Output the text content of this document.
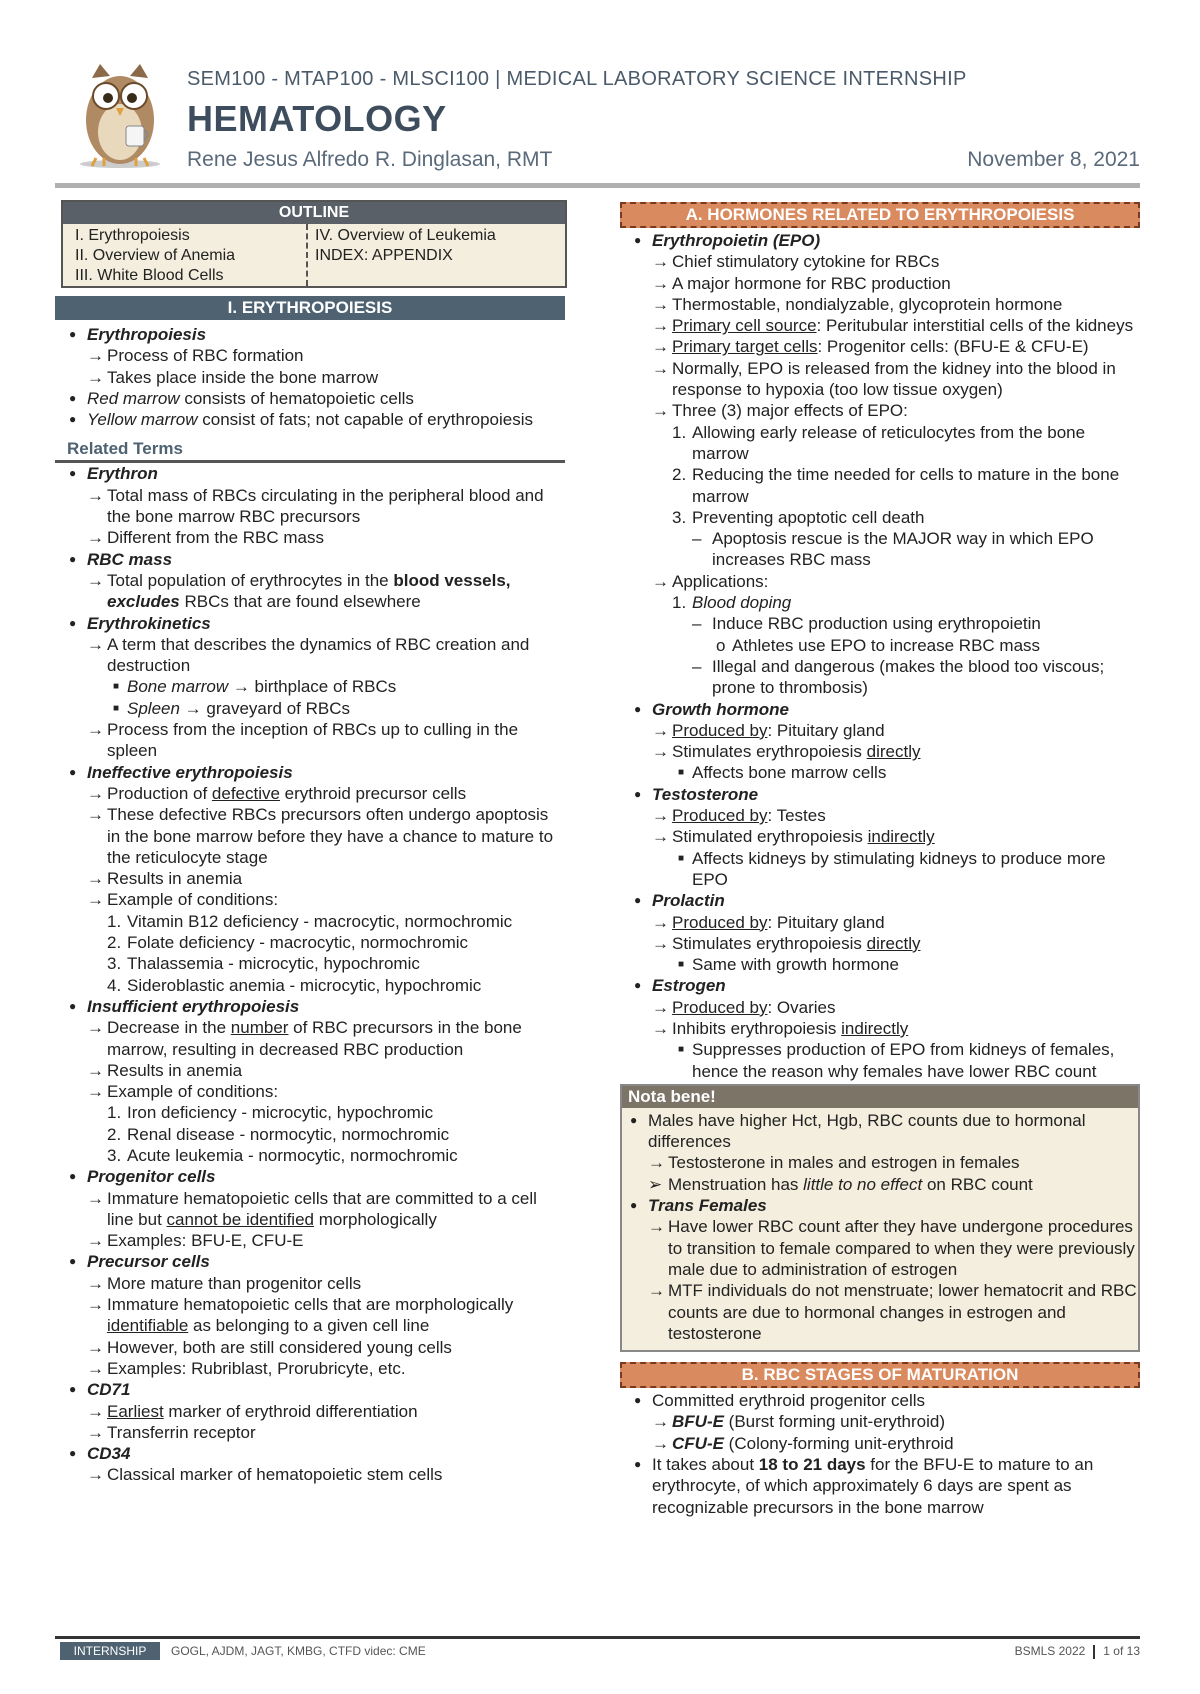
SEM100 - MTAP100 - MLSCI100 | MEDICAL LABORATORY SCIENCE INTERNSHIP
HEMATOLOGY
Rene Jesus Alfredo R. Dinglasan, RMT	November 8, 2021
OUTLINE
I. Erythropoiesis
II. Overview of Anemia
III. White Blood Cells
IV. Overview of Leukemia
INDEX: APPENDIX
I. ERYTHROPOIESIS
● Erythropoiesis
→ Process of RBC formation
→ Takes place inside the bone marrow
● Red marrow consists of hematopoietic cells
● Yellow marrow consist of fats; not capable of erythropoiesis
Related Terms
● Erythron
→ Total mass of RBCs circulating in the peripheral blood and the bone marrow RBC precursors
→ Different from the RBC mass
● RBC mass
→ Total population of erythrocytes in the blood vessels, excludes RBCs that are found elsewhere
● Erythrokinetics
→ A term that describes the dynamics of RBC creation and destruction
■ Bone marrow → birthplace of RBCs
■ Spleen → graveyard of RBCs
→ Process from the inception of RBCs up to culling in the spleen
● Ineffective erythropoiesis
→ Production of defective erythroid precursor cells
→ These defective RBCs precursors often undergo apoptosis in the bone marrow before they have a chance to mature to the reticulocyte stage
→ Results in anemia
→ Example of conditions:
1. Vitamin B12 deficiency - macrocytic, normochromic
2. Folate deficiency - macrocytic, normochromic
3. Thalassemia - microcytic, hypochromic
4. Sideroblastic anemia - microcytic, hypochromic
● Insufficient erythropoiesis
→ Decrease in the number of RBC precursors in the bone marrow, resulting in decreased RBC production
→ Results in anemia
→ Example of conditions:
1. Iron deficiency - microcytic, hypochromic
2. Renal disease - normocytic, normochromic
3. Acute leukemia - normocytic, normochromic
● Progenitor cells
→ Immature hematopoietic cells that are committed to a cell line but cannot be identified morphologically
→ Examples: BFU-E, CFU-E
● Precursor cells
→ More mature than progenitor cells
→ Immature hematopoietic cells that are morphologically identifiable as belonging to a given cell line
→ However, both are still considered young cells
→ Examples: Rubriblast, Prorubricyte, etc.
● CD71
→ Earliest marker of erythroid differentiation
→ Transferrin receptor
● CD34
→ Classical marker of hematopoietic stem cells
A. HORMONES RELATED TO ERYTHROPOIESIS
● Erythropoietin (EPO)
→ Chief stimulatory cytokine for RBCs
→ A major hormone for RBC production
→ Thermostable, nondialyzable, glycoprotein hormone
→ Primary cell source: Peritubular interstitial cells of the kidneys
→ Primary target cells: Progenitor cells: (BFU-E & CFU-E)
→ Normally, EPO is released from the kidney into the blood in response to hypoxia (too low tissue oxygen)
→ Three (3) major effects of EPO:
1. Allowing early release of reticulocytes from the bone marrow
2. Reducing the time needed for cells to mature in the bone marrow
3. Preventing apoptotic cell death
– Apoptosis rescue is the MAJOR way in which EPO increases RBC mass
→ Applications:
1. Blood doping
– Induce RBC production using erythropoietin
o Athletes use EPO to increase RBC mass
– Illegal and dangerous (makes the blood too viscous; prone to thrombosis)
● Growth hormone
→ Produced by: Pituitary gland
→ Stimulates erythropoiesis directly
■ Affects bone marrow cells
● Testosterone
→ Produced by: Testes
→ Stimulated erythropoiesis indirectly
■ Affects kidneys by stimulating kidneys to produce more EPO
● Prolactin
→ Produced by: Pituitary gland
→ Stimulates erythropoiesis directly
■ Same with growth hormone
● Estrogen
→ Produced by: Ovaries
→ Inhibits erythropoiesis indirectly
■ Suppresses production of EPO from kidneys of females, hence the reason why females have lower RBC count
Nota bene!
● Males have higher Hct, Hgb, RBC counts due to hormonal differences
→ Testosterone in males and estrogen in females
➢ Menstruation has little to no effect on RBC count
● Trans Females
→ Have lower RBC count after they have undergone procedures to transition to female compared to when they were previously male due to administration of estrogen
→ MTF individuals do not menstruate; lower hematocrit and RBC counts are due to hormonal changes in estrogen and testosterone
B. RBC STAGES OF MATURATION
● Committed erythroid progenitor cells
→ BFU-E (Burst forming unit-erythroid)
→ CFU-E (Colony-forming unit-erythroid
● It takes about 18 to 21 days for the BFU-E to mature to an erythrocyte, of which approximately 6 days are spent as recognizable precursors in the bone marrow
INTERNSHIP	GOGL, AJDM, JAGT, KMBG, CTFD videc: CME	BSMLS 2022 1 of 13
